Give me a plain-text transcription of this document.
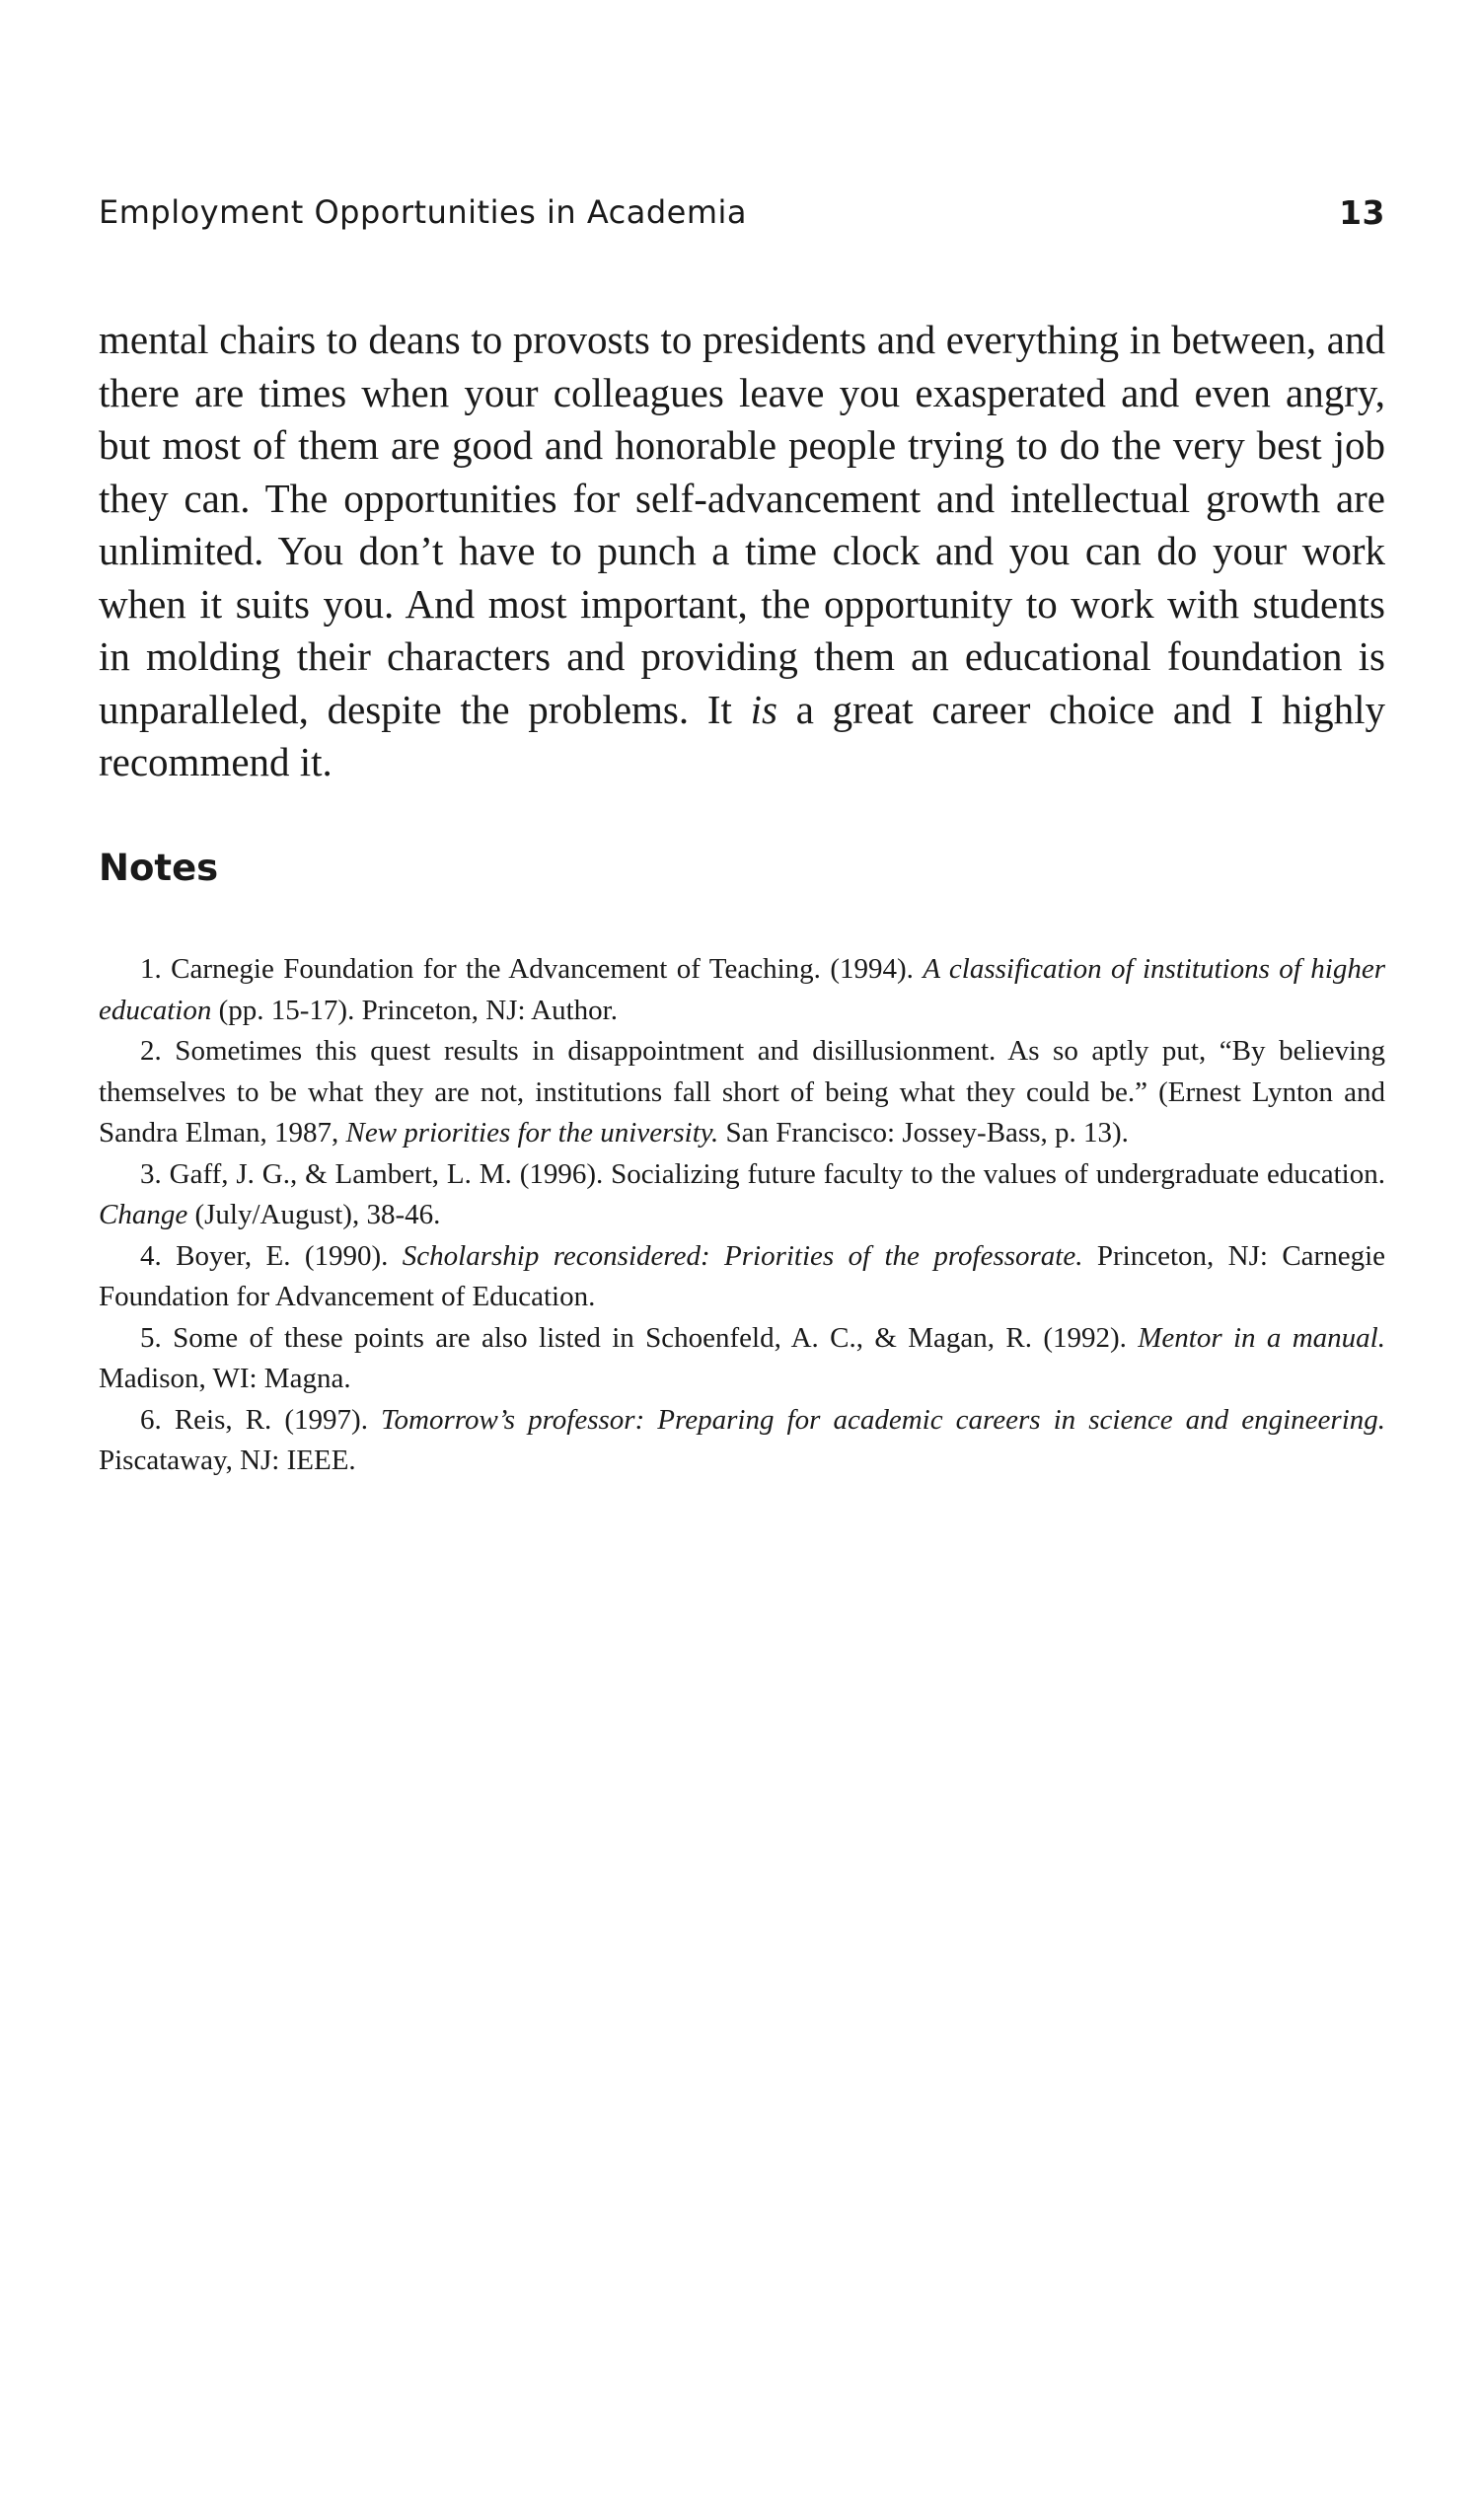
Employment Opportunities in Academia	13

mental chairs to deans to provosts to presidents and everything in between, and there are times when your colleagues leave you exasperated and even angry, but most of them are good and honorable people trying to do the very best job they can. The opportunities for self-advancement and intellectual growth are unlimited. You don’t have to punch a time clock and you can do your work when it suits you. And most important, the opportunity to work with students in molding their characters and providing them an educational foundation is unparalleled, despite the problems. It is a great career choice and I highly recommend it.

Notes
1. Carnegie Foundation for the Advancement of Teaching. (1994). A classification of institutions of higher education (pp. 15-17). Princeton, NJ: Author.
2. Sometimes this quest results in disappointment and disillusionment. As so aptly put, “By believing themselves to be what they are not, institutions fall short of being what they could be.” (Ernest Lynton and Sandra Elman, 1987, New priorities for the university. San Francisco: Jossey-Bass, p. 13).
3. Gaff, J. G., & Lambert, L. M. (1996). Socializing future faculty to the values of undergraduate education. Change (July/August), 38-46.
4. Boyer, E. (1990). Scholarship reconsidered: Priorities of the professorate. Princeton, NJ: Carnegie Foundation for Advancement of Education.
5. Some of these points are also listed in Schoenfeld, A. C., & Magan, R. (1992). Mentor in a manual. Madison, WI: Magna.
6. Reis, R. (1997). Tomorrow’s professor: Preparing for academic careers in science and engineering. Piscataway, NJ: IEEE.
